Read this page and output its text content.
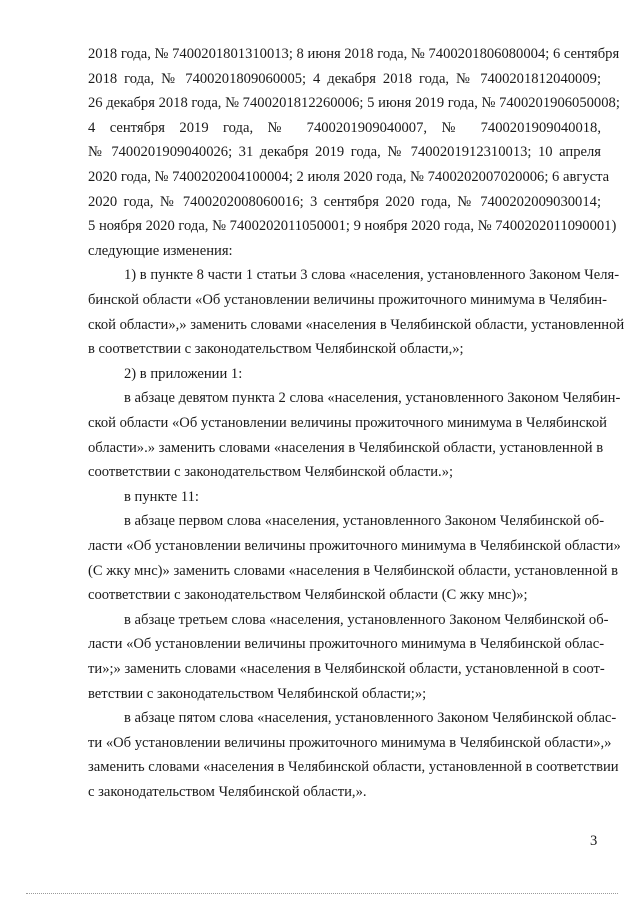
2018 года, № 7400201801310013; 8 июня 2018 года, № 7400201806080004; 6 сентября
2018 года, № 7400201809060005; 4 декабря 2018 года, № 7400201812040009;
26 декабря 2018 года, № 7400201812260006; 5 июня 2019 года, № 7400201906050008;
4 сентября 2019 года, № 7400201909040007, № 7400201909040018,
№ 7400201909040026; 31 декабря 2019 года, № 7400201912310013; 10 апреля
2020 года, № 7400202004100004; 2 июля 2020 года, № 7400202007020006; 6 августа
2020 года, № 7400202008060016; 3 сентября 2020 года, № 7400202009030014;
5 ноября 2020 года, № 7400202011050001; 9 ноября 2020 года, № 7400202011090001)
следующие изменения:
1) в пункте 8 части 1 статьи 3 слова «населения, установленного Законом Челя-
бинской области «Об установлении величины прожиточного минимума в Челябин-
ской области»,» заменить словами «населения в Челябинской области, установленной
в соответствии с законодательством Челябинской области,»;
2) в приложении 1:
в абзаце девятом пункта 2 слова «населения, установленного Законом Челябин-
ской области «Об установлении величины прожиточного минимума в Челябинской
области».» заменить словами «населения в Челябинской области, установленной в
соответствии с законодательством Челябинской области.»;
в пункте 11:
в абзаце первом слова «населения, установленного Законом Челябинской об-
ласти «Об установлении величины прожиточного минимума в Челябинской области»
(С жку мнс)» заменить словами «населения в Челябинской области, установленной в
соответствии с законодательством Челябинской области (С жку мнс)»;
в абзаце третьем слова «населения, установленного Законом Челябинской об-
ласти «Об установлении величины прожиточного минимума в Челябинской облас-
ти»;» заменить словами «населения в Челябинской области, установленной в соот-
ветствии с законодательством Челябинской области;»;
в абзаце пятом слова «населения, установленного Законом Челябинской облас-
ти «Об установлении величины прожиточного минимума в Челябинской области»,»
заменить словами «населения в Челябинской области, установленной в соответствии
с законодательством Челябинской области,».
3
